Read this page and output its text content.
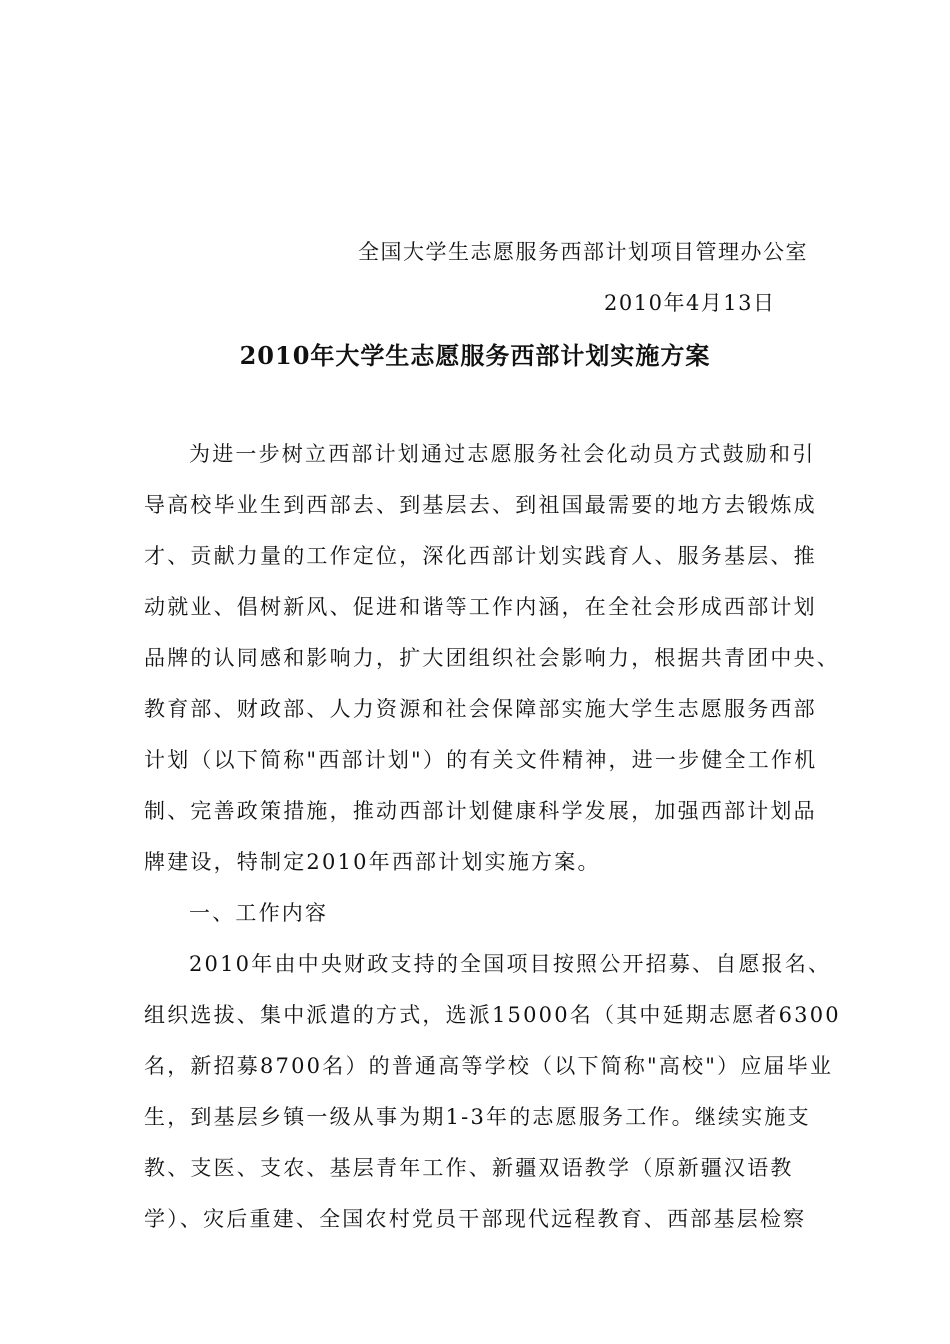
全国大学生志愿服务西部计划项目管理办公室
2010年4月13日
2010年大学生志愿服务西部计划实施方案
为进一步树立西部计划通过志愿服务社会化动员方式鼓励和引
导高校毕业生到西部去、到基层去、到祖国最需要的地方去锻炼成
才、贡献力量的工作定位，深化西部计划实践育人、服务基层、推
动就业、倡树新风、促进和谐等工作内涵，在全社会形成西部计划
品牌的认同感和影响力，扩大团组织社会影响力，根据共青团中央、
教育部、财政部、人力资源和社会保障部实施大学生志愿服务西部
计划（以下简称"西部计划"）的有关文件精神，进一步健全工作机
制、完善政策措施，推动西部计划健康科学发展，加强西部计划品
牌建设，特制定2010年西部计划实施方案。
一、工作内容
2010年由中央财政支持的全国项目按照公开招募、自愿报名、
组织选拔、集中派遣的方式，选派15000名（其中延期志愿者6300
名，新招募8700名）的普通高等学校（以下简称"高校"）应届毕业
生，到基层乡镇一级从事为期1-3年的志愿服务工作。继续实施支
教、支医、支农、基层青年工作、新疆双语教学（原新疆汉语教
学）、灾后重建、全国农村党员干部现代远程教育、西部基层检察
